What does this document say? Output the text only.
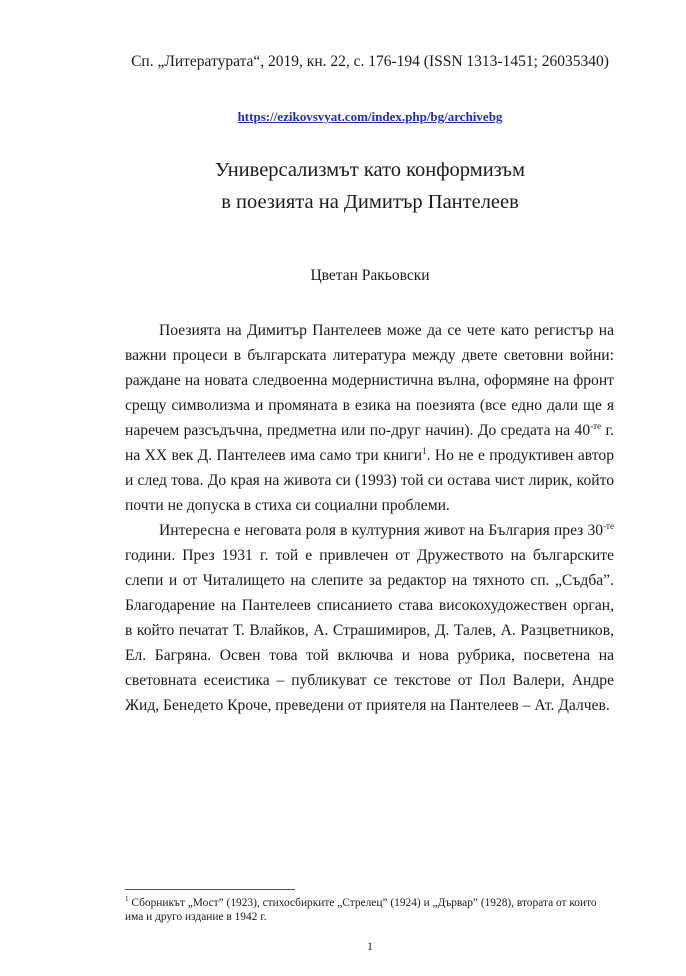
Сп. „Литературата“, 2019, кн. 22, с. 176-194 (ISSN 1313-1451; 26035340)
https://ezikovsvyat.com/index.php/bg/archivebg
Универсализмът като конформизъм
в поезията на Димитър Пантелеев
Цветан Ракьовски

Поезията на Димитър Пантелеев може да се чете като регистър на важни процеси в българската литература между двете световни войни: раждане на новата следвоенна модернистична вълна, оформяне на фронт срещу символизма и промяната в езика на поезията (все едно дали ще я наречем разсъдъчна, предметна или по-друг начин). До средата на $40^{-те}$ г. на XX век Д. Пантелеев има само три книги$^1$. Но не е продуктивен автор и след това. До края на живота си (1993) той си остава чист лирик, който почти не допуска в стиха си социални проблеми.

Интересна е неговата роля в културния живот на България през $30^{-те}$ години. През 1931 г. той е привлечен от Дружеството на българските слепи и от Читалището на слепите за редактор на тяхното сп. „Съдба”. Благодарение на Пантелеев списанието става високохудожествен орган, в който печатат Т. Влайков, А. Страшимиров, Д. Талев, А. Разцветников, Ел. Багряна. Освен това той включва и нова рубрика, посветена на световната есеистика – публикуват се текстове от Пол Валери, Андре Жид, Бенедето Кроче, преведени от приятеля на Пантелеев – Ат. Далчев.

$^1$ Сборникът „Мост” (1923), стихосбирките „Стрелец” (1924) и „Дървар” (1928), втората от които има и друго издание в 1942 г.
1
